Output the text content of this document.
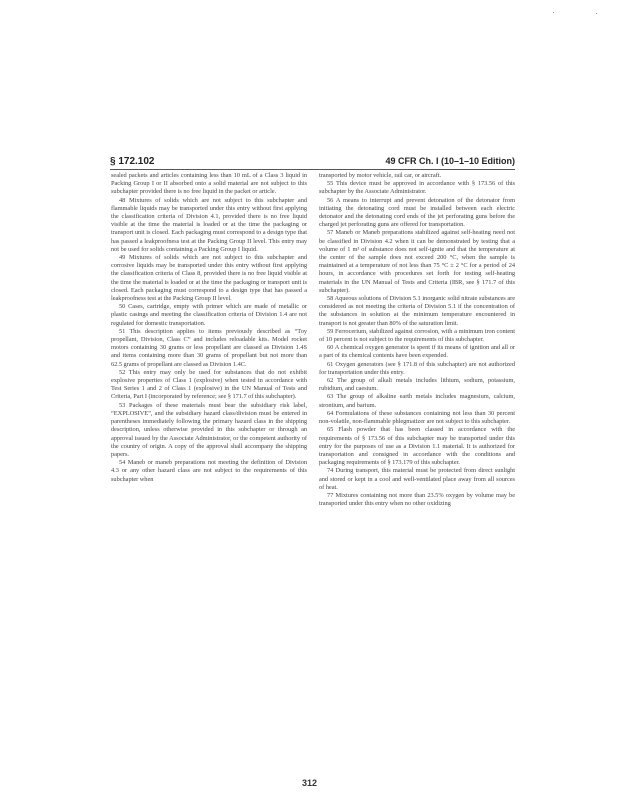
§ 172.102	49 CFR Ch. I (10–1–10 Edition)

sealed packets and articles containing less than 10 mL of a Class 3 liquid in Packing Group I or II absorbed onto a solid material are not subject to this subchapter provided there is no free liquid in the packet or article.

48 Mixtures of solids which are not subject to this subchapter and flammable liquids may be transported under this entry without first applying the classification criteria of Division 4.1, provided there is no free liquid visible at the time the material is loaded or at the time the packaging or transport unit is closed. Each packaging must correspond to a design type that has passed a leakproofness test at the Packing Group II level. This entry may not be used for solids containing a Packing Group I liquid.

49 Mixtures of solids which are not subject to this subchapter and corrosive liquids may be transported under this entry without first applying the classification criteria of Class 8, provided there is no free liquid visible at the time the material is loaded or at the time the packaging or transport unit is closed. Each packaging must correspond to a design type that has passed a leakproofness test at the Packing Group II level.

50 Cases, cartridge, empty with primer which are made of metallic or plastic casings and meeting the classification criteria of Division 1.4 are not regulated for domestic transportation.

51 This description applies to items previously described as “Toy propellant, Division, Class C” and includes reloadable kits. Model rocket motors containing 30 grams or less propellant are classed as Division 1.4S and items containing more than 30 grams of propellant but not more than 62.5 grams of propellant are classed as Division 1.4C.

52 This entry may only be used for substances that do not exhibit explosive properties of Class 1 (explosive) when tested in accordance with Test Series 1 and 2 of Class 1 (explosive) in the UN Manual of Tests and Criteria, Part I (incorporated by reference; see § 171.7 of this subchapter).

53 Packages of these materials must bear the subsidiary risk label, “EXPLOSIVE”, and the subsidiary hazard class/division must be entered in parentheses immediately following the primary hazard class in the shipping description, unless otherwise provided in this subchapter or through an approval issued by the Associate Administrator, or the competent authority of the country of origin. A copy of the approval shall accompany the shipping papers.

54 Maneb or maneb preparations not meeting the definition of Division 4.3 or any other hazard class are not subject to the requirements of this subchapter when

transported by motor vehicle, rail car, or aircraft.

55 This device must be approved in accordance with § 173.56 of this subchapter by the Associate Administrator.

56 A means to interrupt and prevent detonation of the detonator from initiating the detonating cord must be installed between each electric detonator and the detonating cord ends of the jet perforating guns before the charged jet perforating guns are offered for transportation.

57 Maneb or Maneb preparations stabilized against self-heating need not be classified in Division 4.2 when it can be demonstrated by testing that a volume of 1 m³ of substance does not self-ignite and that the temperature at the center of the sample does not exceed 200 °C, when the sample is maintained at a temperature of not less than 75 °C ± 2 °C for a period of 24 hours, in accordance with procedures set forth for testing self-heating materials in the UN Manual of Tests and Criteria (IBR, see § 171.7 of this subchapter).

58 Aqueous solutions of Division 5.1 inorganic solid nitrate substances are considered as not meeting the criteria of Division 5.1 if the concentration of the substances in solution at the minimum temperature encountered in transport is not greater than 80% of the saturation limit.

59 Ferrocerium, stabilized against corrosion, with a minimum iron content of 10 percent is not subject to the requirements of this subchapter.

60 A chemical oxygen generator is spent if its means of ignition and all or a part of its chemical contents have been expended.

61 Oxygen generators (see § 171.8 of this subchapter) are not authorized for transportation under this entry.

62 The group of alkali metals includes lithium, sodium, potassium, rubidium, and caesium.

63 The group of alkaline earth metals includes magnesium, calcium, strontium, and barium.

64 Formulations of these substances containing not less than 30 percent non-volatile, non-flammable phlegmatizer are not subject to this subchapter.

65 Flash powder that has been classed in accordance with the requirements of § 173.56 of this subchapter may be transported under this entry for the purposes of use as a Division 1.1 material. It is authorized for transportation and consigned in accordance with the conditions and packaging requirements of § 173.179 of this subchapter.

74 During transport, this material must be protected from direct sunlight and stored or kept in a cool and well-ventilated place away from all sources of heat.

77 Mixtures containing not more than 23.5% oxygen by volume may be transported under this entry when no other oxidizing

312
